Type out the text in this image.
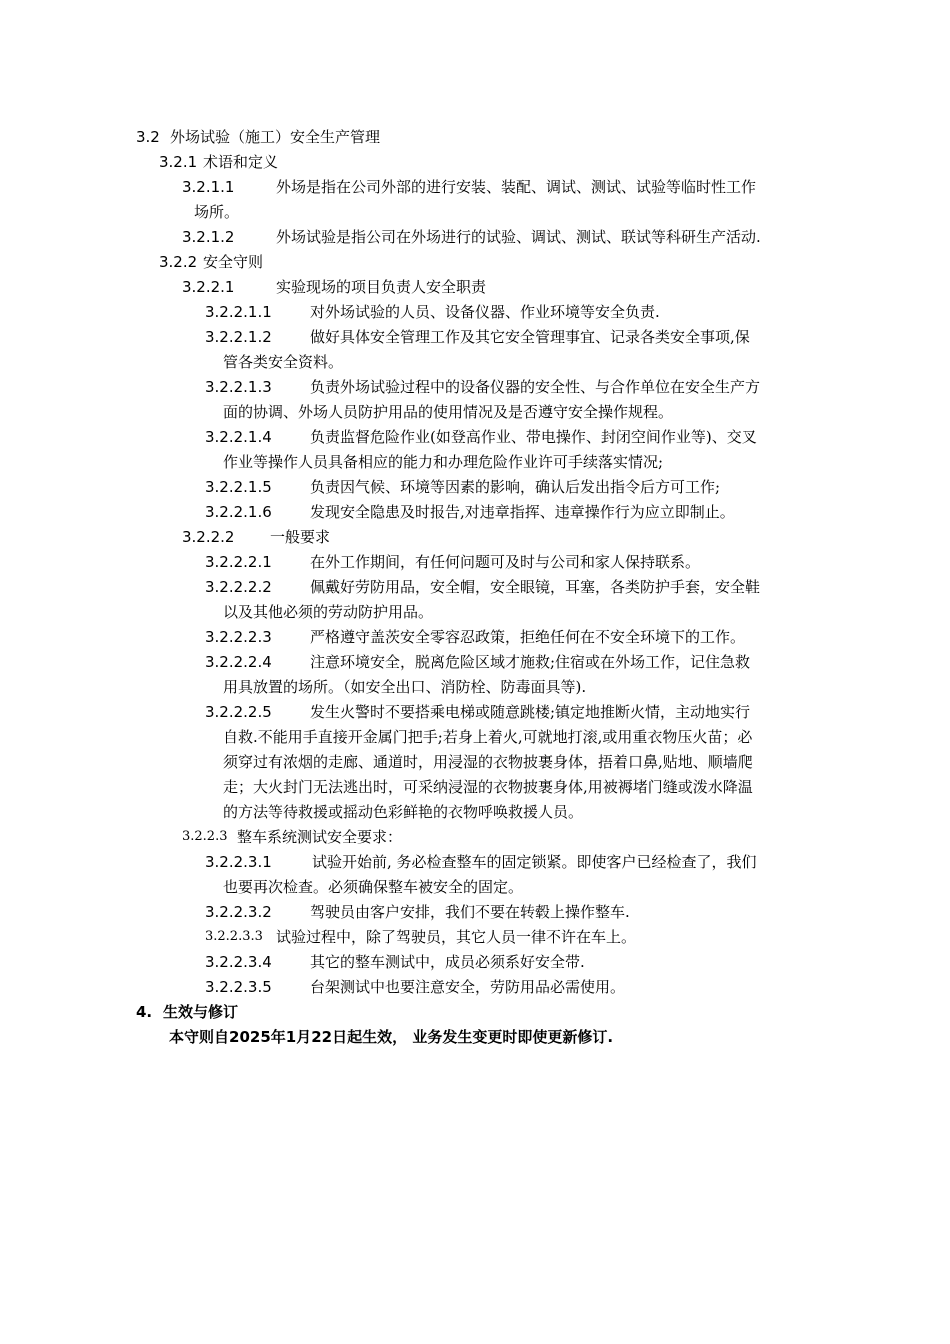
3.2 外场试验（施工）安全生产管理
3.2.1 术语和定义
3.2.1.1	外场是指在公司外部的进行安装、装配、调试、测试、试验等临时性工作
场所。
3.2.1.2	外场试验是指公司在外场进行的试验、调试、测试、联试等科研生产活动.
3.2.2 安全守则
3.2.2.1	实验现场的项目负责人安全职责
3.2.2.1.1	对外场试验的人员、设备仪器、作业环境等安全负责.
3.2.2.1.2	做好具体安全管理工作及其它安全管理事宜、记录各类安全事项,保
管各类安全资料。
3.2.2.1.3	负责外场试验过程中的设备仪器的安全性、与合作单位在安全生产方
面的协调、外场人员防护用品的使用情况及是否遵守安全操作规程。
3.2.2.1.4	负责监督危险作业(如登高作业、带电操作、封闭空间作业等)、交叉
作业等操作人员具备相应的能力和办理危险作业许可手续落实情况;
3.2.2.1.5	负责因气候、环境等因素的影响，确认后发出指令后方可工作;
3.2.2.1.6	发现安全隐患及时报告,对违章指挥、违章操作行为应立即制止。
3.2.2.2 一般要求
3.2.2.2.1	在外工作期间，有任何问题可及时与公司和家人保持联系。
3.2.2.2.2	佩戴好劳防用品，安全帽，安全眼镜，耳塞，各类防护手套，安全鞋
以及其他必须的劳动防护用品。
3.2.2.2.3	严格遵守盖茨安全零容忍政策，拒绝任何在不安全环境下的工作。
3.2.2.2.4	注意环境安全，脱离危险区域才施救;住宿或在外场工作，记住急救
用具放置的场所。（如安全出口、消防栓、防毒面具等).
3.2.2.2.5	发生火警时不要搭乘电梯或随意跳楼;镇定地推断火情，主动地实行
自救.不能用手直接开金属门把手;若身上着火,可就地打滚,或用重衣物压火苗；必
须穿过有浓烟的走廊、通道时，用浸湿的衣物披裹身体，捂着口鼻,贴地、顺墙爬
走；大火封门无法逃出时，可采纳浸湿的衣物披裹身体,用被褥堵门缝或泼水降温
的方法等待救援或摇动色彩鲜艳的衣物呼唤救援人员。
3.2.2.3 整车系统测试安全要求：
3.2.2.3.1	试验开始前, 务必检查整车的固定锁紧。即使客户已经检查了，我们
也要再次检查。必须确保整车被安全的固定。
3.2.2.3.2	驾驶员由客户安排，我们不要在转毂上操作整车.
3.2.2.3.3 试验过程中，除了驾驶员，其它人员一律不许在车上。
3.2.2.3.4	其它的整车测试中，成员必须系好安全带.
3.2.2.3.5	台架测试中也要注意安全，劳防用品必需使用。
4. 生效与修订
本守则自2025年1月22日起生效， 业务发生变更时即使更新修订.
